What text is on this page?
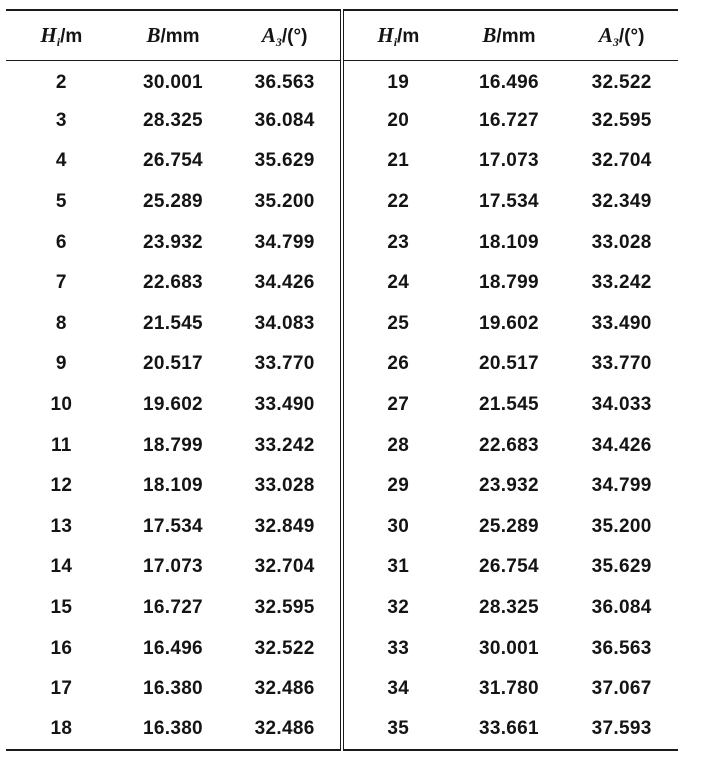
$H_i/m$	B/mm	$A_3/(^\circ)$	$H_i/m$	B/mm	$A_3/(^\circ)$
2	30.001	36.563	19	16.496	32.522
3	28.325	36.084	20	16.727	32.595
4	26.754	35.629	21	17.073	32.704
5	25.289	35.200	22	17.534	32.349
6	23.932	34.799	23	18.109	33.028
7	22.683	34.426	24	18.799	33.242
8	21.545	34.083	25	19.602	33.490
9	20.517	33.770	26	20.517	33.770
10	19.602	33.490	27	21.545	34.033
11	18.799	33.242	28	22.683	34.426
12	18.109	33.028	29	23.932	34.799
13	17.534	32.849	30	25.289	35.200
14	17.073	32.704	31	26.754	35.629
15	16.727	32.595	32	28.325	36.084
16	16.496	32.522	33	30.001	36.563
17	16.380	32.486	34	31.780	37.067
18	16.380	32.486	35	33.661	37.593
